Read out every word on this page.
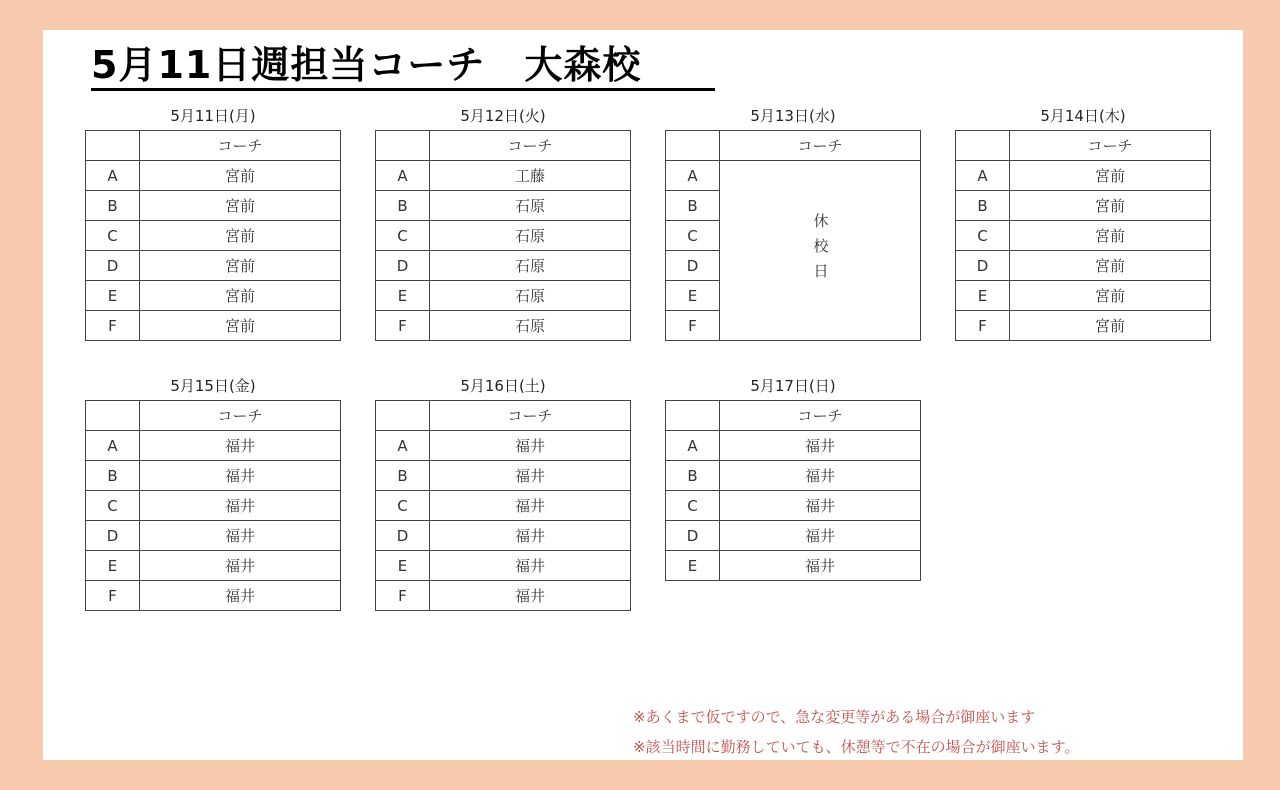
5月11日週担当コーチ　大森校
5月11日(月)
	コーチ
A	宮前
B	宮前
C	宮前
D	宮前
E	宮前
F	宮前
5月12日(火)
	コーチ
A	工藤
B	石原
C	石原
D	石原
E	石原
F	石原
5月13日(水)
	コーチ
A	休校日
B	
C	
D	
E	
F	
5月14日(木)
	コーチ
A	宮前
B	宮前
C	宮前
D	宮前
E	宮前
F	宮前
5月15日(金)
	コーチ
A	福井
B	福井
C	福井
D	福井
E	福井
F	福井
5月16日(土)
	コーチ
A	福井
B	福井
C	福井
D	福井
E	福井
F	福井
5月17日(日)
	コーチ
A	福井
B	福井
C	福井
D	福井
E	福井
※あくまで仮ですので、急な変更等がある場合が御座います
※該当時間に勤務していても、休憩等で不在の場合が御座います。
